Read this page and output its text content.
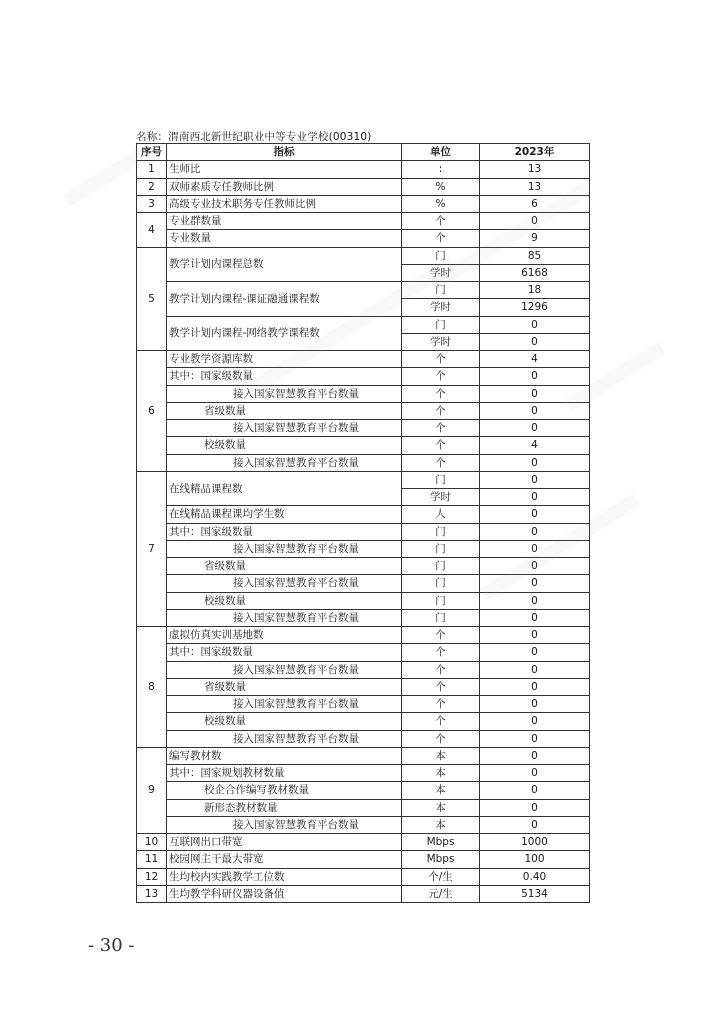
名称：渭南西北新世纪职业中等专业学校(00310)
序号	指标	单位	2023年
1	生师比	:	13
2	双师素质专任教师比例	%	13
3	高级专业技术职务专任教师比例	%	6
4	专业群数量	个	0
	专业数量	个	9
5	教学计划内课程总数	门	85
		学时	6168
	教学计划内课程-课证融通课程数	门	18
		学时	1296
	教学计划内课程-网络教学课程数	门	0
		学时	0
6	专业教学资源库数	个	4
	其中：国家级数量	个	0
	接入国家智慧教育平台数量	个	0
	省级数量	个	0
	接入国家智慧教育平台数量	个	0
	校级数量	个	4
	接入国家智慧教育平台数量	个	0
7	在线精品课程数	门	0
		学时	0
	在线精品课程课均学生数	人	0
	其中：国家级数量	门	0
	接入国家智慧教育平台数量	门	0
	省级数量	门	0
	接入国家智慧教育平台数量	门	0
	校级数量	门	0
	接入国家智慧教育平台数量	门	0
8	虚拟仿真实训基地数	个	0
	其中：国家级数量	个	0
	接入国家智慧教育平台数量	个	0
	省级数量	个	0
	接入国家智慧教育平台数量	个	0
	校级数量	个	0
	接入国家智慧教育平台数量	个	0
9	编写教材数	本	0
	其中：国家规划教材数量	本	0
	校企合作编写教材数量	本	0
	新形态教材数量	本	0
	接入国家智慧教育平台数量	本	0
10	互联网出口带宽	Mbps	1000
11	校园网主干最大带宽	Mbps	100
12	生均校内实践教学工位数	个/生	0.40
13	生均教学科研仪器设备值	元/生	5134
- 30 -
